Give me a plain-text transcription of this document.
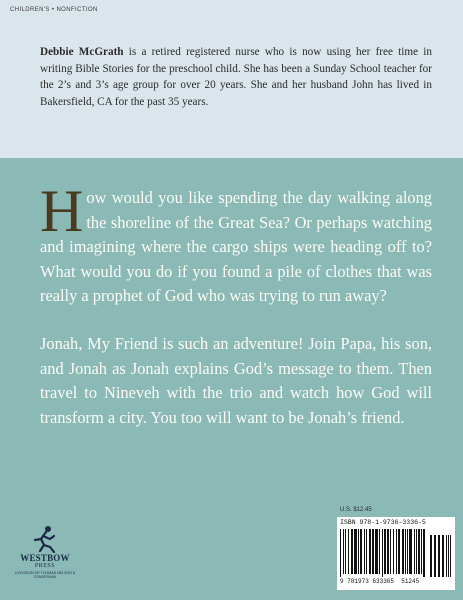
CHILDREN'S • NONFICTION
Debbie McGrath is a retired registered nurse who is now using her free time in writing Bible Stories for the preschool child. She has been a Sunday School teacher for the 2’s and 3’s age group for over 20 years. She and her husband John has lived in Bakersfield, CA for the past 35 years.

How would you like spending the day walking along the shoreline of the Great Sea? Or perhaps watching and imagining where the cargo ships were heading off to? What would you do if you found a pile of clothes that was really a prophet of God who was trying to run away?

Jonah, My Friend is such an adventure! Join Papa, his son, and Jonah as Jonah explains God’s message to them. Then travel to Nineveh with the trio and watch how God will transform a city. You too will want to be Jonah’s friend.

WESTBOW
PRESS
A DIVISION OF THOMAS NELSON & ZONDERVAN
U.S. $12.45
ISBN 978-1-9736-3336-5
9 781973 633365 51245
